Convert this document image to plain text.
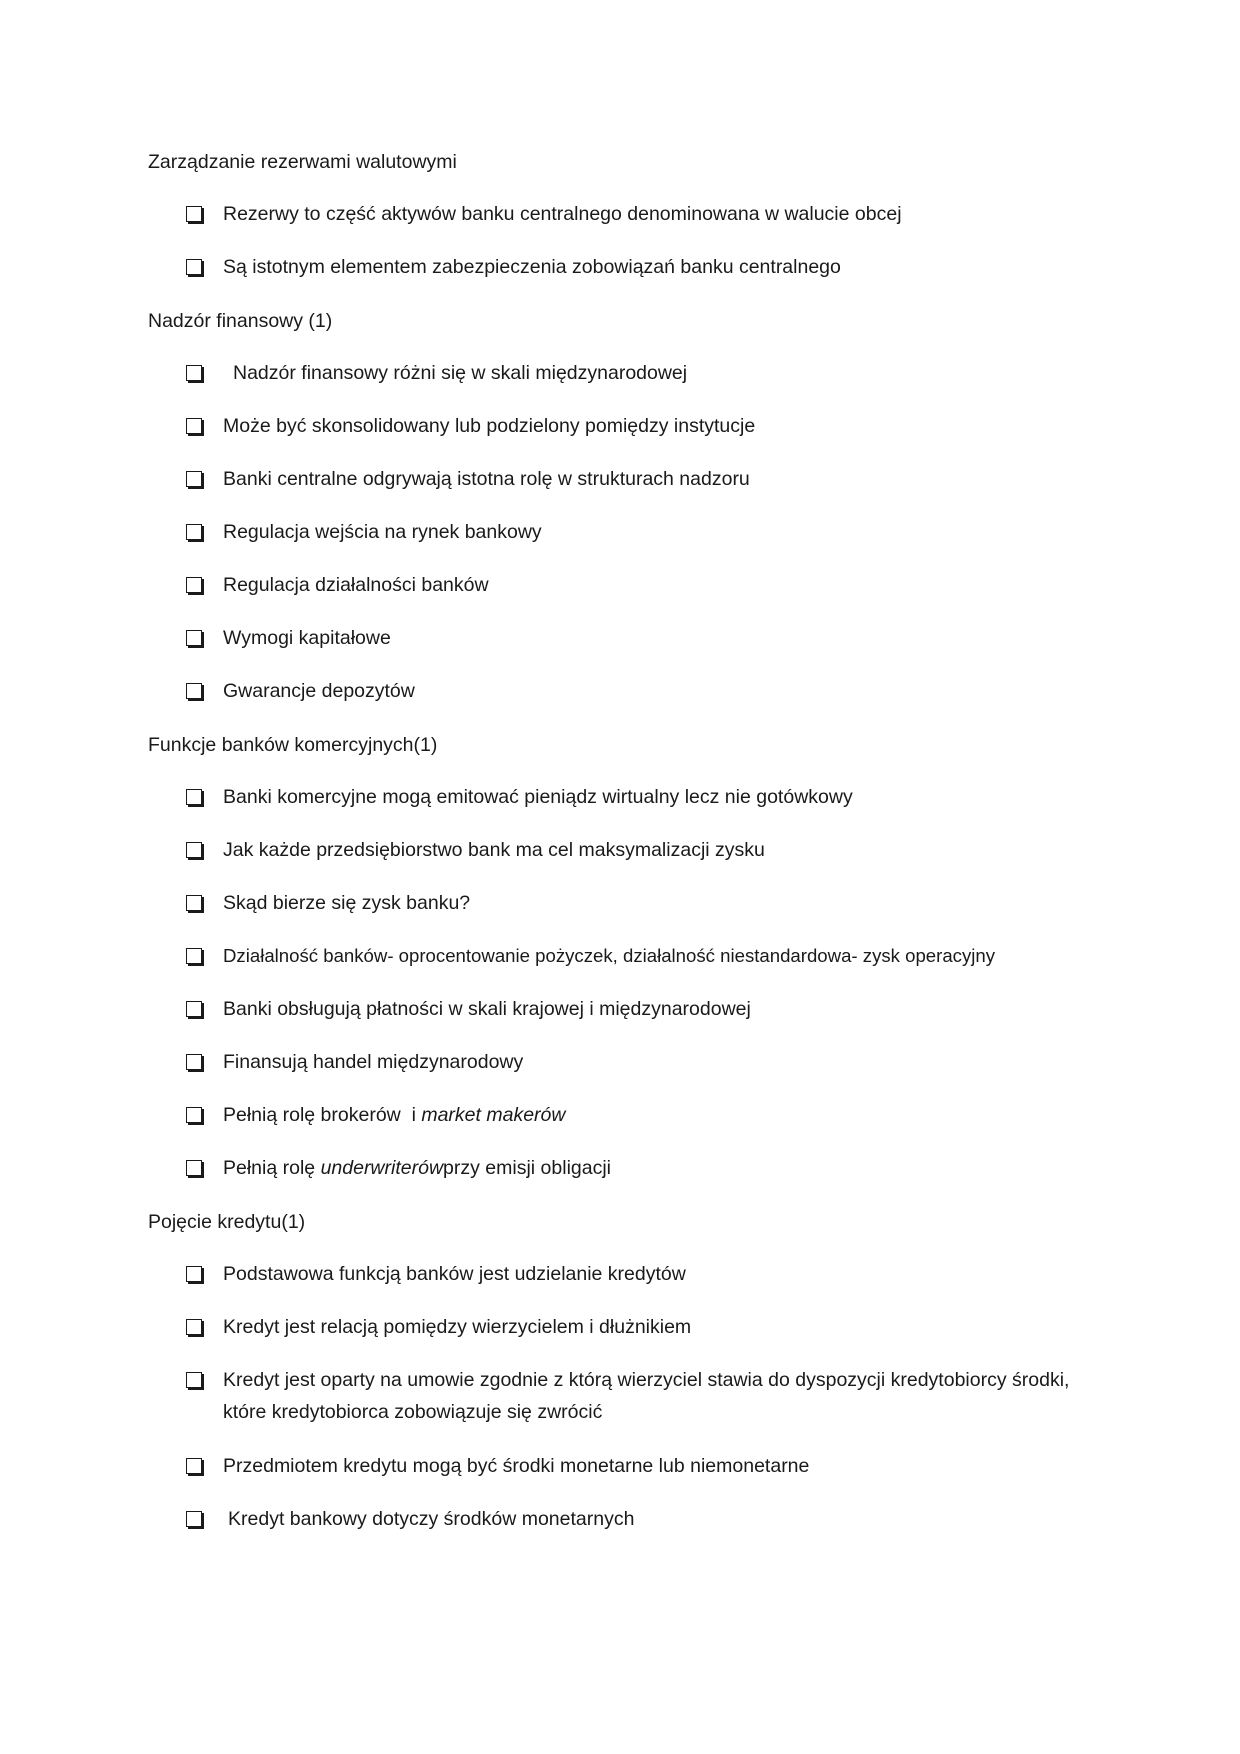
Zarządzanie rezerwami walutowymi
Rezerwy to część aktywów banku centralnego denominowana w walucie obcej
Są istotnym elementem zabezpieczenia zobowiązań banku centralnego
Nadzór finansowy (1)
Nadzór finansowy różni się w skali międzynarodowej
Może być skonsolidowany lub podzielony pomiędzy instytucje
Banki centralne odgrywają istotna rolę w strukturach nadzoru
Regulacja wejścia na rynek bankowy
Regulacja działalności banków
Wymogi kapitałowe
Gwarancje depozytów
Funkcje banków komercyjnych(1)
Banki komercyjne mogą emitować pieniądz wirtualny lecz nie gotówkowy
Jak każde przedsiębiorstwo bank ma cel maksymalizacji zysku
Skąd bierze się zysk banku?
Działalność banków- oprocentowanie pożyczek, działalność niestandardowa- zysk operacyjny
Banki obsługują płatności w skali krajowej i międzynarodowej
Finansują handel międzynarodowy
Pełnią rolę brokerów  i market makerów
Pełnią rolę underwriterówprzy emisji obligacji
Pojęcie kredytu(1)
Podstawowa funkcją banków jest udzielanie kredytów
Kredyt jest relacją pomiędzy wierzycielem i dłużnikiem
Kredyt jest oparty na umowie zgodnie z którą wierzyciel stawia do dyspozycji kredytobiorcy środki, które kredytobiorca zobowiązuje się zwrócić
Przedmiotem kredytu mogą być środki monetarne lub niemonetarne
Kredyt bankowy dotyczy środków monetarnych
